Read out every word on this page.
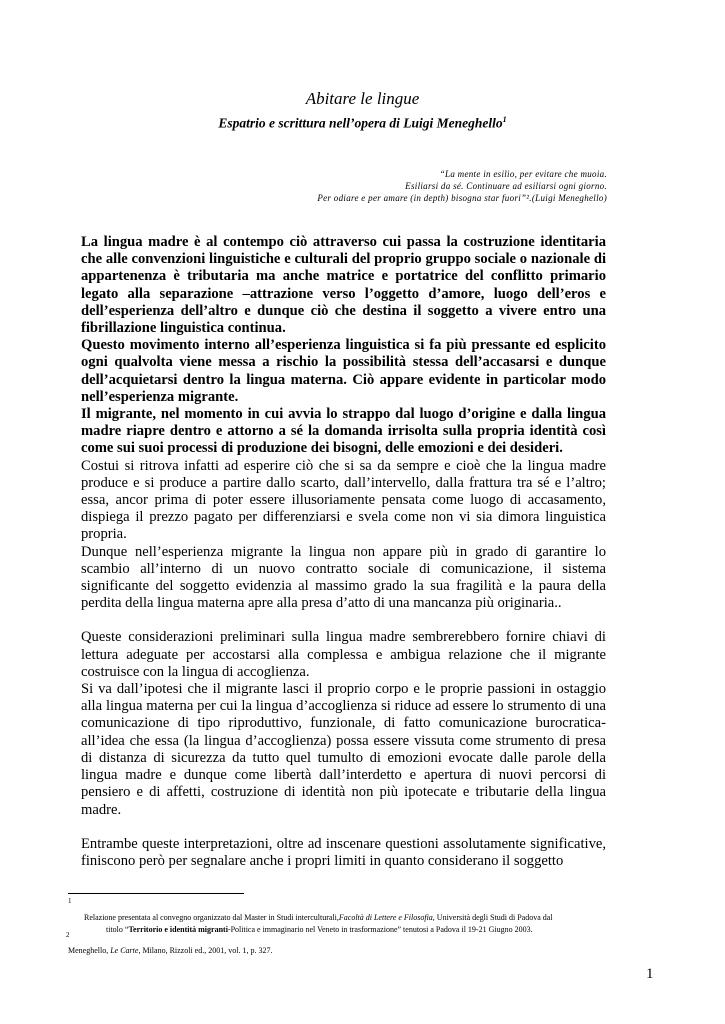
Abitare le lingue
Espatrio e scrittura nell’opera di Luigi Meneghello$^1$
“La mente in esilio, per evitare che muoia.
Esiliarsi da sé. Continuare ad esiliarsi ogni giorno.
Per odiare e per amare (in depth) bisogna star fuori”².(Luigi Meneghello)

La lingua madre è al contempo ciò attraverso cui passa la costruzione identitaria che alle convenzioni linguistiche e culturali del proprio gruppo sociale o nazionale di appartenenza è tributaria ma anche matrice e portatrice del conflitto primario legato alla separazione –attrazione verso l’oggetto d’amore, luogo dell’eros e dell’esperienza dell’altro e dunque ciò che destina il soggetto a vivere entro una fibrillazione linguistica continua.

Questo movimento interno all’esperienza linguistica si fa più pressante ed esplicito ogni qualvolta viene messa a rischio la possibilità stessa dell’accasarsi e dunque dell’acquietarsi dentro la lingua materna. Ciò appare evidente in particolar modo nell’esperienza migrante.

Il migrante, nel momento in cui avvia lo strappo dal luogo d’origine e dalla lingua madre riapre dentro e attorno a sé la domanda irrisolta sulla propria identità così come sui suoi processi di produzione dei bisogni, delle emozioni e dei desideri.

Costui si ritrova infatti ad esperire ciò che si sa da sempre e cioè che la lingua madre produce e si produce a partire dallo scarto, dall’intervello, dalla frattura tra sé e l’altro; essa, ancor prima di poter essere illusoriamente pensata come luogo di accasamento, dispiega il prezzo pagato per differenziarsi e svela come non vi sia dimora linguistica propria.

Dunque nell’esperienza migrante la lingua non appare più in grado di garantire lo scambio all’interno di un nuovo contratto sociale di comunicazione, il sistema significante del soggetto evidenzia al massimo grado la sua fragilità e la paura della perdita della lingua materna apre alla presa d’atto di una mancanza più originaria..

Queste considerazioni preliminari sulla lingua madre sembrerebbero fornire chiavi di lettura adeguate per accostarsi alla complessa e ambigua relazione che il migrante costruisce con la lingua di accoglienza.

Si va dall’ipotesi che il migrante lasci il proprio corpo e le proprie passioni in ostaggio alla lingua materna per cui la lingua d’accoglienza si riduce ad essere lo strumento di una comunicazione di tipo riproduttivo, funzionale, di fatto comunicazione burocratica- all’idea che essa (la lingua d’accoglienza) possa essere vissuta come strumento di presa di distanza di sicurezza da tutto quel tumulto di emozioni evocate dalle parole della lingua madre e dunque come libertà dall’interdetto e apertura di nuovi percorsi di pensiero e di affetti, costruzione di identità non più ipotecate e tributarie della lingua madre.

Entrambe queste interpretazioni, oltre ad inscenare questioni assolutamente significative, finiscono però per segnalare anche i propri limiti in quanto considerano il soggetto

1
Relazione presentata al convegno organizzato dal Master in Studi interculturali,Facoltà di Lettere e Filosofia, Università degli Studi di Padova dal
titolo “Territorio e identità migranti-Politica e immaginario nel Veneto in trasformazione” tenutosi a Padova il 19-21 Giugno 2003.
2
Meneghello, Le Carte, Milano, Rizzoli ed., 2001, vol. 1, p. 327.
1
